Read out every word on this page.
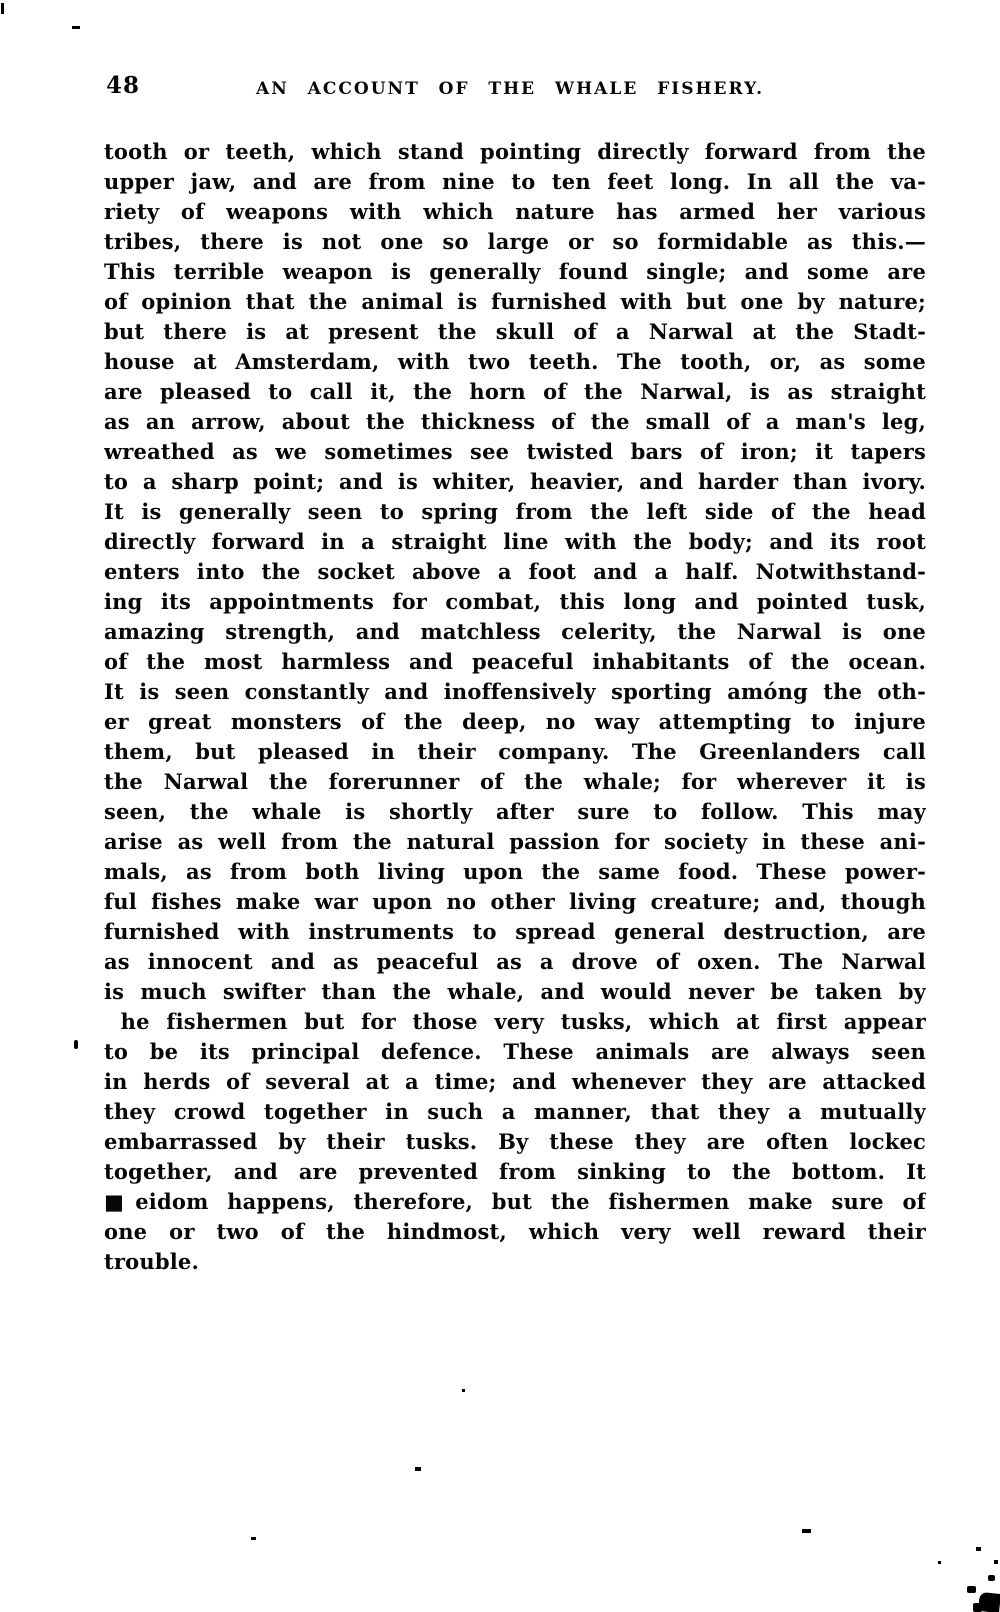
48	AN ACCOUNT OF THE WHALE FISHERY.
tooth or teeth, which stand pointing directly forward from the
upper jaw, and are from nine to ten feet long. In all the va-
riety of weapons with which nature has armed her various
tribes, there is not one so large or so formidable as this.—
This terrible weapon is generally found single; and some are
of opinion that the animal is furnished with but one by nature;
but there is at present the skull of a Narwal at the Stadt-
house at Amsterdam, with two teeth. The tooth, or, as some
are pleased to call it, the horn of the Narwal, is as straight
as an arrow, about the thickness of the small of a man's leg,
wreathed as we sometimes see twisted bars of iron; it tapers
to a sharp point; and is whiter, heavier, and harder than ivory.
It is generally seen to spring from the left side of the head
directly forward in a straight line with the body; and its root
enters into the socket above a foot and a half. Notwithstand-
ing its appointments for combat, this long and pointed tusk,
amazing strength, and matchless celerity, the Narwal is one
of the most harmless and peaceful inhabitants of the ocean.
It is seen constantly and inoffensively sporting amóng the oth-
er great monsters of the deep, no way attempting to injure
them, but pleased in their company. The Greenlanders call
the Narwal the forerunner of the whale; for wherever it is
seen, the whale is shortly after sure to follow. This may
arise as well from the natural passion for society in these ani-
mals, as from both living upon the same food. These power-
ful fishes make war upon no other living creature; and, though
furnished with instruments to spread general destruction, are
as innocent and as peaceful as a drove of oxen. The Narwal
is much swifter than the whale, and would never be taken by
he fishermen but for those very tusks, which at first appear
to be its principal defence. These animals are always seen
in herds of several at a time; and whenever they are attacked
they crowd together in such a manner, that they a mutually
embarrassed by their tusks. By these they are often lockec
together, and are prevented from sinking to the bottom. It
■eidom happens, therefore, but the fishermen make sure of
one or two of the hindmost, which very well reward their
trouble.
